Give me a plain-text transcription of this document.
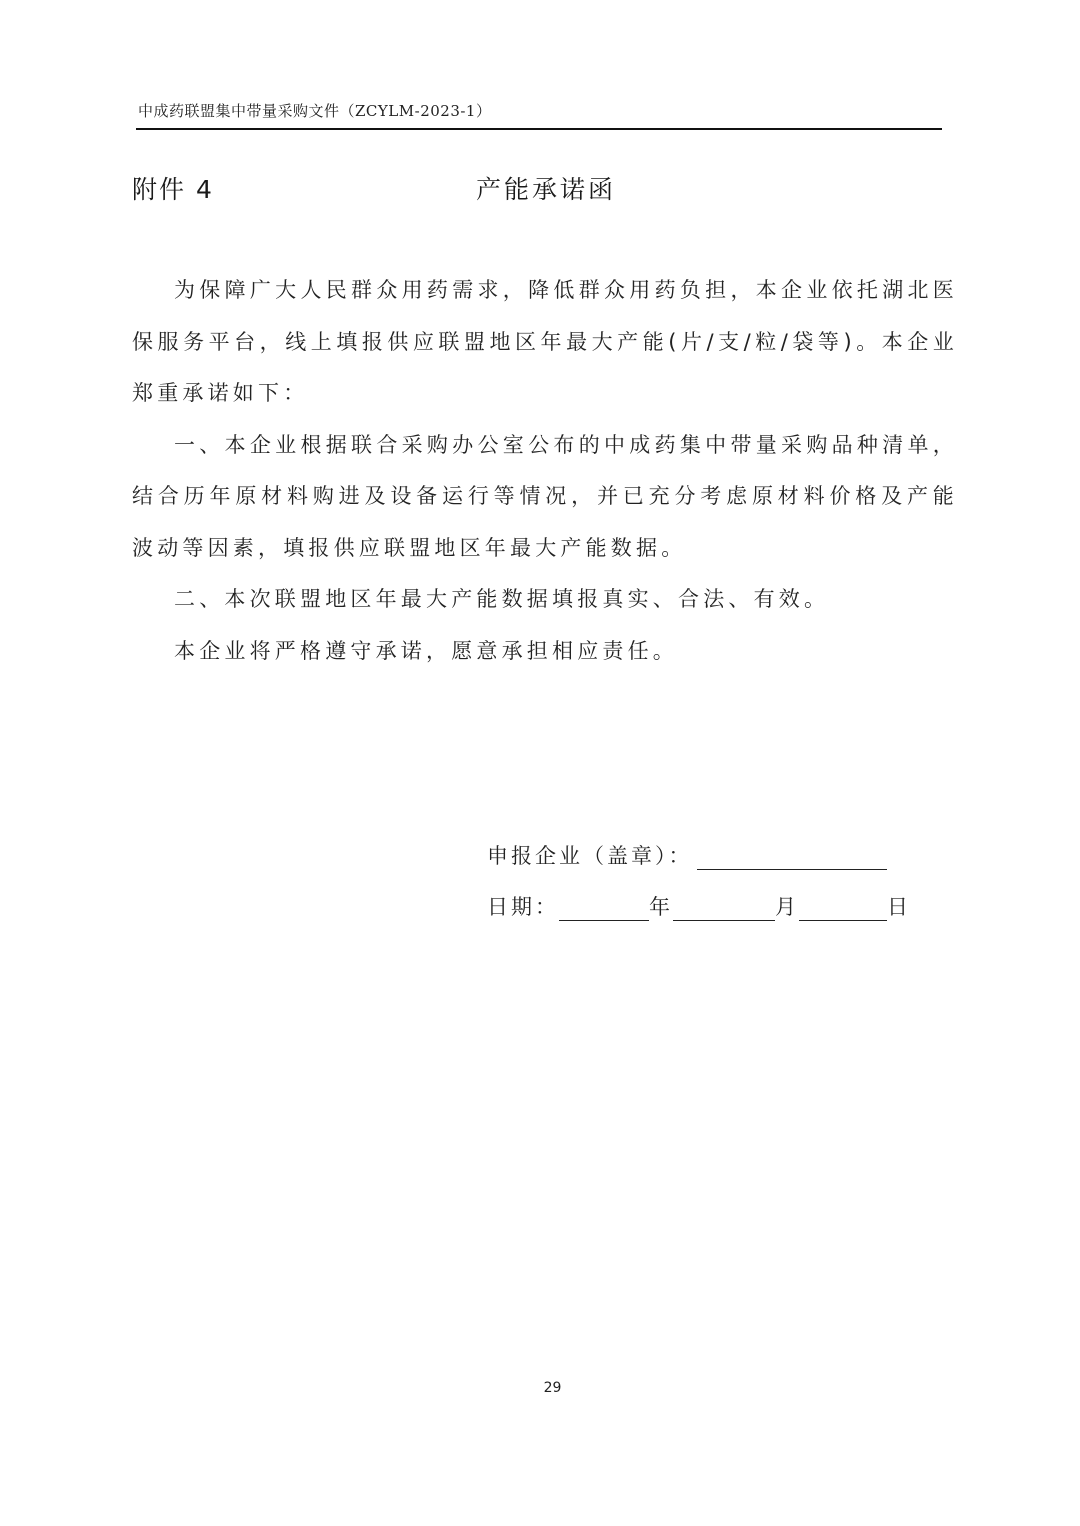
中成药联盟集中带量采购文件（ZCYLM-2023-1）
附件 4	产能承诺函

为保障广大人民群众用药需求，降低群众用药负担，本企业依托湖北医保服务平台，线上填报供应联盟地区年最大产能(片/支/粒/袋等)。本企业郑重承诺如下：

一、本企业根据联合采购办公室公布的中成药集中带量采购品种清单，结合历年原材料购进及设备运行等情况，并已充分考虑原材料价格及产能波动等因素，填报供应联盟地区年最大产能数据。

二、本次联盟地区年最大产能数据填报真实、合法、有效。

本企业将严格遵守承诺，愿意承担相应责任。

申报企业（盖章）：
日期：	年	月	日
29
